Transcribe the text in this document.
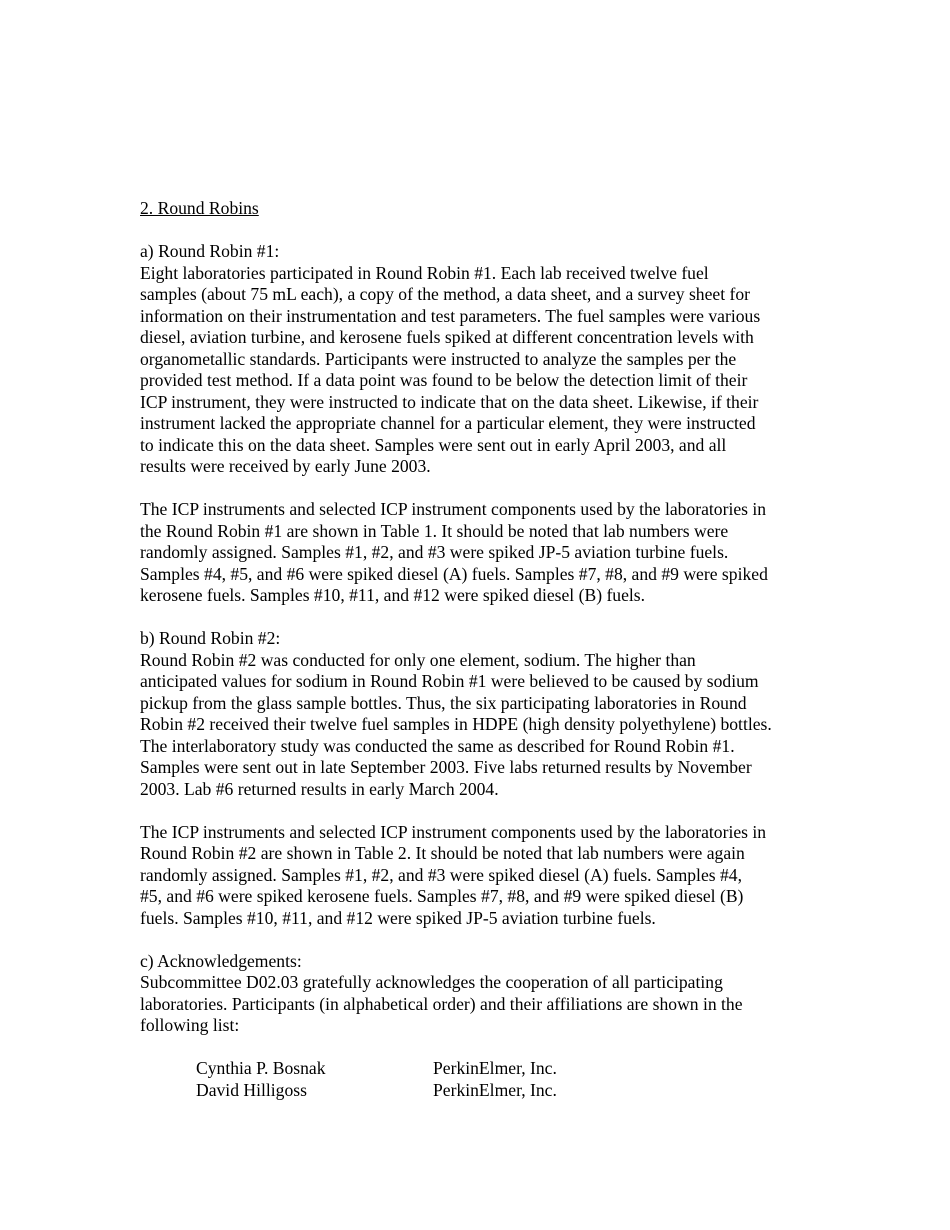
2. Round Robins

a) Round Robin #1:

Eight laboratories participated in Round Robin #1. Each lab received twelve fuel
samples (about 75 mL each), a copy of the method, a data sheet, and a survey sheet for
information on their instrumentation and test parameters. The fuel samples were various
diesel, aviation turbine, and kerosene fuels spiked at different concentration levels with
organometallic standards. Participants were instructed to analyze the samples per the
provided test method. If a data point was found to be below the detection limit of their
ICP instrument, they were instructed to indicate that on the data sheet. Likewise, if their
instrument lacked the appropriate channel for a particular element, they were instructed
to indicate this on the data sheet. Samples were sent out in early April 2003, and all
results were received by early June 2003.
The ICP instruments and selected ICP instrument components used by the laboratories in
the Round Robin #1 are shown in Table 1. It should be noted that lab numbers were
randomly assigned. Samples #1, #2, and #3 were spiked JP-5 aviation turbine fuels.
Samples #4, #5, and #6 were spiked diesel (A) fuels. Samples #7, #8, and #9 were spiked
kerosene fuels. Samples #10, #11, and #12 were spiked diesel (B) fuels.

b) Round Robin #2:

Round Robin #2 was conducted for only one element, sodium. The higher than
anticipated values for sodium in Round Robin #1 were believed to be caused by sodium
pickup from the glass sample bottles. Thus, the six participating laboratories in Round
Robin #2 received their twelve fuel samples in HDPE (high density polyethylene) bottles.
The interlaboratory study was conducted the same as described for Round Robin #1.
Samples were sent out in late September 2003. Five labs returned results by November
2003. Lab #6 returned results in early March 2004.
The ICP instruments and selected ICP instrument components used by the laboratories in
Round Robin #2 are shown in Table 2. It should be noted that lab numbers were again
randomly assigned. Samples #1, #2, and #3 were spiked diesel (A) fuels. Samples #4,
#5, and #6 were spiked kerosene fuels. Samples #7, #8, and #9 were spiked diesel (B)
fuels. Samples #10, #11, and #12 were spiked JP-5 aviation turbine fuels.

c) Acknowledgements:

Subcommittee D02.03 gratefully acknowledges the cooperation of all participating
laboratories. Participants (in alphabetical order) and their affiliations are shown in the
following list:
Cynthia P. Bosnak	PerkinElmer, Inc.
David Hilligoss	PerkinElmer, Inc.
